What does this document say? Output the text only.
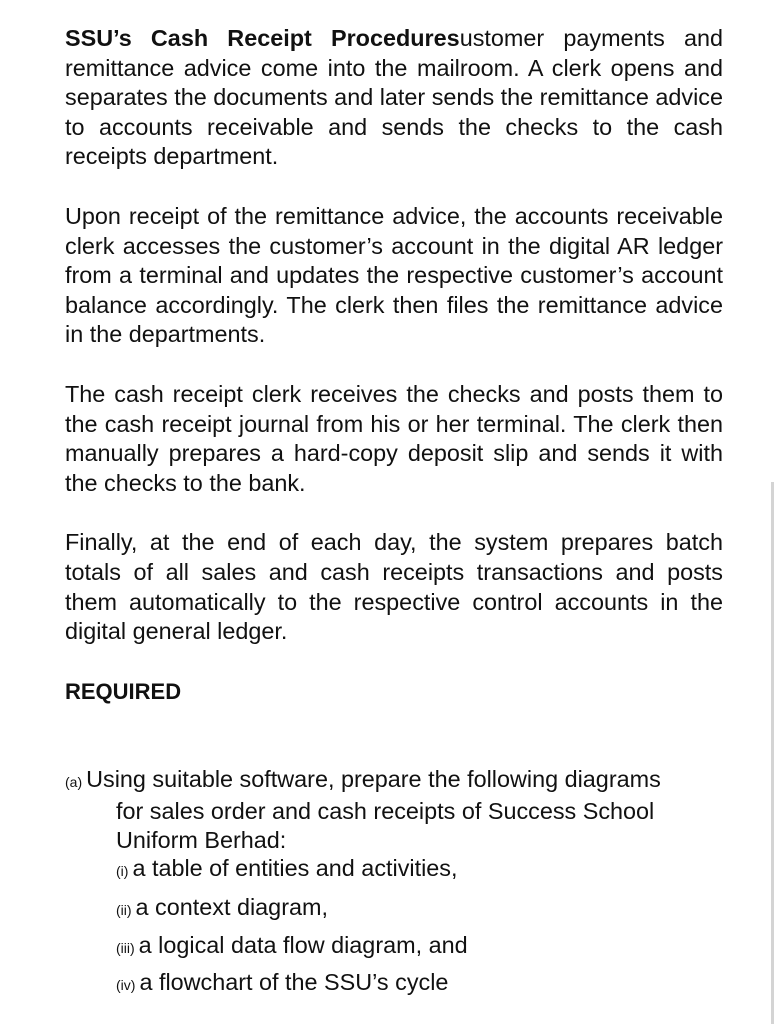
SSU’s Cash Receipt Proceduresustomer payments and remittance advice come into the mailroom. A clerk opens and separates the documents and later sends the remittance advice to accounts receivable and sends the checks to the cash receipts department.

Upon receipt of the remittance advice, the accounts receivable clerk accesses the customer’s account in the digital AR ledger from a terminal and updates the respective customer’s account balance accordingly. The clerk then files the remittance advice in the departments.

The cash receipt clerk receives the checks and posts them to the cash receipt journal from his or her terminal. The clerk then manually prepares a hard-copy deposit slip and sends it with the checks to the bank.

Finally, at the end of each day, the system prepares batch totals of all sales and cash receipts transactions and posts them automatically to the respective control accounts in the digital general ledger.

REQUIRED
(a) Using suitable software, prepare the following diagrams
for sales order and cash receipts of Success School
Uniform Berhad:
(i) a table of entities and activities,
(ii) a context diagram,
(iii) a logical data flow diagram, and
(iv) a flowchart of the SSU’s cycle
